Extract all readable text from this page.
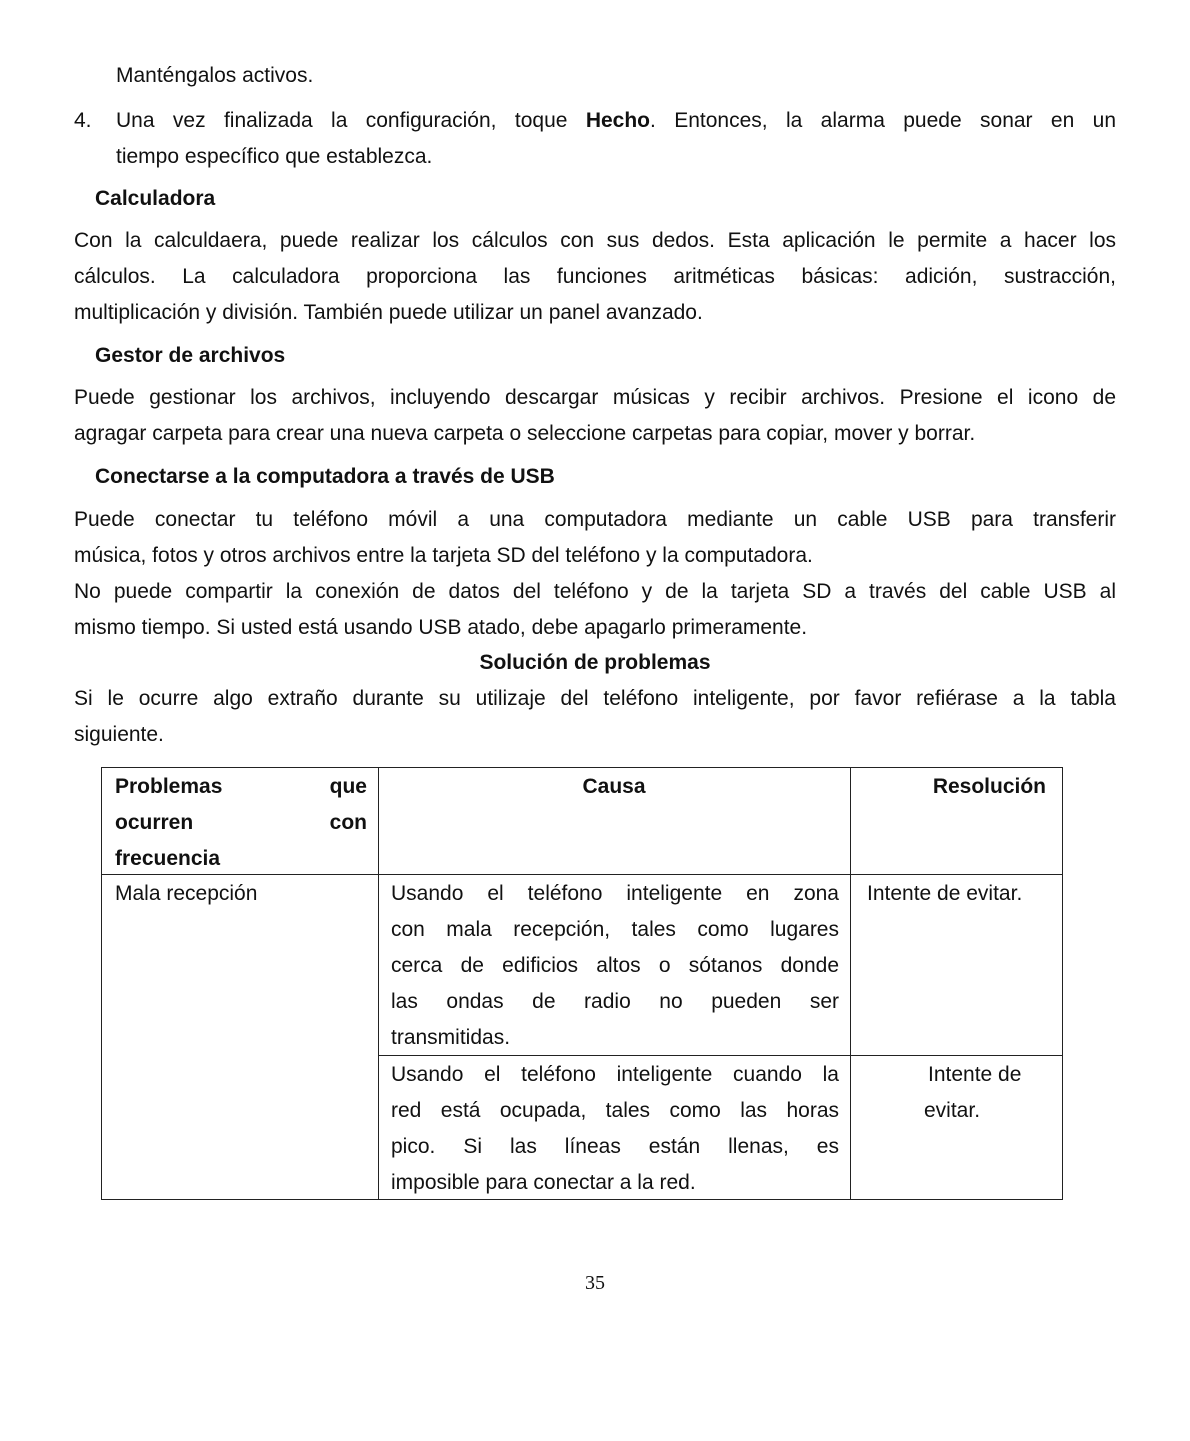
Manténgalos activos.
4. Una vez finalizada la configuración, toque Hecho. Entonces, la alarma puede sonar en un
tiempo específico que establezca.
Calculadora
Con la calculdaera, puede realizar los cálculos con sus dedos. Esta aplicación le permite a hacer los
cálculos. La calculadora proporciona las funciones aritméticas básicas: adición, sustracción,
multiplicación y división. También puede utilizar un panel avanzado.
Gestor de archivos
Puede gestionar los archivos, incluyendo descargar músicas y recibir archivos. Presione el icono de
agragar carpeta para crear una nueva carpeta o seleccione carpetas para copiar, mover y borrar.
Conectarse a la computadora a través de USB
Puede conectar tu teléfono móvil a una computadora mediante un cable USB para transferir
música, fotos y otros archivos entre la tarjeta SD del teléfono y la computadora.
No puede compartir la conexión de datos del teléfono y de la tarjeta SD a través del cable USB al
mismo tiempo. Si usted está usando USB atado, debe apagarlo primeramente.
Solución de problemas
Si le ocurre algo extraño durante su utilizaje del teléfono inteligente, por favor refiérase a la tabla
siguiente.
Problemas que
ocurren con
frecuencia
Causa	Resolución
Mala recepción	Usando el teléfono inteligente en zona
con mala recepción, tales como lugares
cerca de edificios altos o sótanos donde
las ondas de radio no pueden ser
transmitidas.
Intente de evitar.
Usando el teléfono inteligente cuando la
red está ocupada, tales como las horas
pico. Si las líneas están llenas, es
imposible para conectar a la red.
Intente de
evitar.
35
